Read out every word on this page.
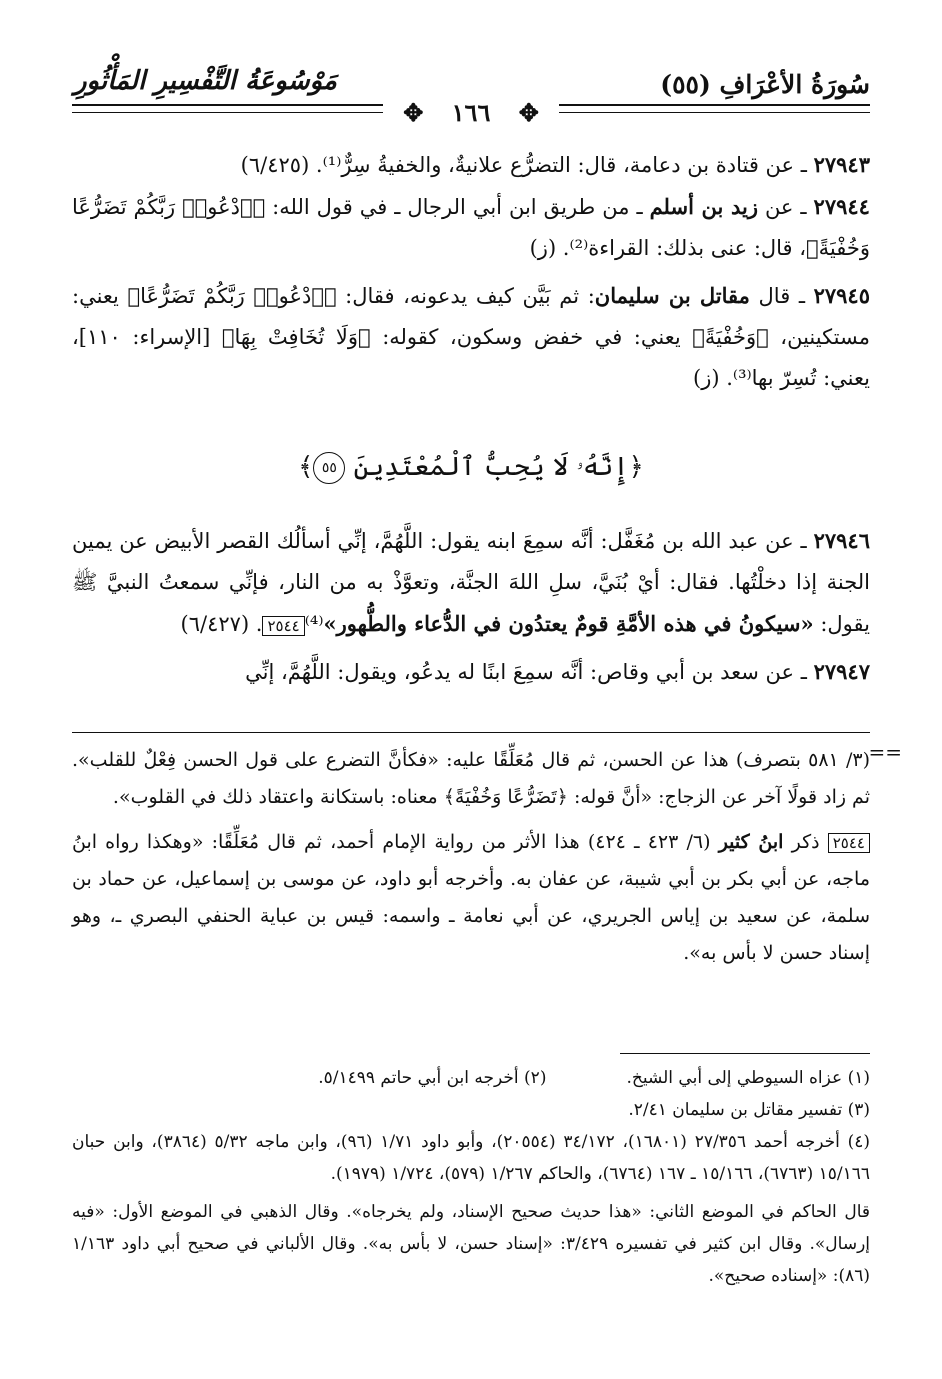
سُورَةُ الأعْرَافِ (٥٥)
مَوْسُوعَةُ التَّفْسِيرِ المَأْثُورِ
✥ ١٦٦ ✥

٢٧٩٤٣ ـ عن قتادة بن دعامة، قال: التضرُّع علانيةٌ، والخفيةُ سِرٌّ⁽¹⁾. (٦/٤٢٥)

٢٧٩٤٤ ـ عن زيد بن أسلم ـ من طريق ابن أبي الرجال ـ في قول الله: ﴿ٱدْعُوا۟ رَبَّكُمْ تَضَرُّعًا وَخُفْيَةً﴾، قال: عنى بذلك: القراءة⁽²⁾. (ز)

٢٧٩٤٥ ـ قال مقاتل بن سليمان: ثم بَيَّن كيف يدعونه، فقال: ﴿ٱدْعُوا۟ رَبَّكُمْ تَضَرُّعًا﴾ يعني: مستكينين، ﴿وَخُفْيَةً﴾ يعني: في خفض وسكون، كقوله: ﴿وَلَا تُخَافِتْ بِهَا﴾ [الإسراء: ١١٠]، يعني: تُسِرّ بها⁽³⁾. (ز)

﴿إِنَّهُۥ لَا يُحِبُّ ٱلْمُعْتَدِينَ ٥٥﴾

٢٧٩٤٦ ـ عن عبد الله بن مُغَفَّل: أنَّه سمِعَ ابنه يقول: اللَّهُمَّ، إنِّي أسألُك القصر الأبيض عن يمين الجنة إذا دخلْتُها. فقال: أيْ بُنَيَّ، سلِ اللهَ الجنَّة، وتعوَّذْ به من النار، فإنِّي سمعتُ النبيَّ ﷺ يقول: «سيكونُ في هذه الأمَّةِ قومٌ يعتدُون في الدُّعاء والطُّهور»⁽⁴⁾٢٥٤٤. (٦/٤٢٧)

٢٧٩٤٧ ـ عن سعد بن أبي وقاص: أنَّه سمِعَ ابنًا له يدعُو، ويقول: اللَّهُمَّ، إنِّي

==

(٣/ ٥٨١ بتصرف) هذا عن الحسن، ثم قال مُعَلِّقًا عليه: «فكأنَّ التضرع على قول الحسن فِعْلٌ للقلب». ثم زاد قولًا آخر عن الزجاج: «أنَّ قوله: ﴿تَضَرُّعًا وَخُفْيَةً﴾ معناه: باستكانة واعتقاد ذلك في القلوب».

٢٥٤٤ ذكر ابنُ كثير (٦/ ٤٢٣ ـ ٤٢٤) هذا الأثر من رواية الإمام أحمد، ثم قال مُعَلِّقًا: «وهكذا رواه ابنُ ماجه، عن أبي بكر بن أبي شيبة، عن عفان به. وأخرجه أبو داود، عن موسى بن إسماعيل، عن حماد بن سلمة، عن سعيد بن إياس الجريري، عن أبي نعامة ـ واسمه: قيس بن عباية الحنفي البصري ـ، وهو إسناد حسن لا بأس به».

(١) عزاه السيوطي إلى أبي الشيخ.
(٢) أخرجه ابن أبي حاتم ٥/١٤٩٩.

(٣) تفسير مقاتل بن سليمان ٢/٤١.

(٤) أخرجه أحمد ٢٧/٣٥٦ (١٦٨٠١)، ٣٤/١٧٢ (٢٠٥٥٤)، وأبو داود ١/٧١ (٩٦)، وابن ماجه ٥/٣٢ (٣٨٦٤)، وابن حبان ١٥/١٦٦ (٦٧٦٣)، ١٥/١٦٦ ـ ١٦٧ (٦٧٦٤)، والحاكم ١/٢٦٧ (٥٧٩)، ١/٧٢٤ (١٩٧٩).

قال الحاكم في الموضع الثاني: «هذا حديث صحيح الإسناد، ولم يخرجاه». وقال الذهبي في الموضع الأول: «فيه إرسال». وقال ابن كثير في تفسيره ٣/٤٢٩: «إسناد حسن، لا بأس به». وقال الألباني في صحيح أبي داود ١/١٦٣ (٨٦): «إسناده صحيح».
